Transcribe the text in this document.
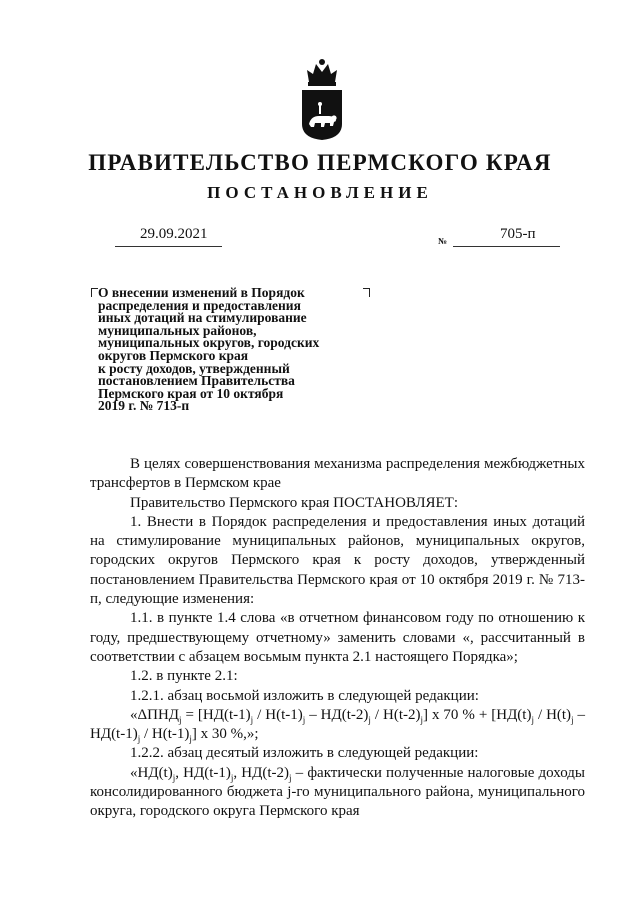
ПРАВИТЕЛЬСТВО ПЕРМСКОГО КРАЯ
ПОСТАНОВЛЕНИЕ
29.09.2021	№	705-п
О внесении изменений в Порядок
распределения и предоставления
иных дотаций на стимулирование
муниципальных районов,
муниципальных округов, городских
округов Пермского края
к росту доходов, утвержденный
постановлением Правительства
Пермского края от 10 октября
2019 г. № 713-п

В целях совершенствования механизма распределения межбюджетных трансфертов в Пермском крае

Правительство Пермского края ПОСТАНОВЛЯЕТ:

1. Внести в Порядок распределения и предоставления иных дотаций на стимулирование муниципальных районов, муниципальных округов, городских округов Пермского края к росту доходов, утвержденный постановлением Правительства Пермского края от 10 октября 2019 г. № 713-п, следующие изменения:

1.1. в пункте 1.4 слова «в отчетном финансовом году по отношению к году, предшествующему отчетному» заменить словами «, рассчитанный в соответствии с абзацем восьмым пункта 2.1 настоящего Порядка»;

1.2. в пункте 2.1:

1.2.1. абзац восьмой изложить в следующей редакции:

«$\Delta ПНД_j = [НД(t-1)_j / Н(t-1)_j - НД(t-2)_j / Н(t-2)_j]$ x 70 % + $[НД(t)_j / Н(t)_j - НД(t-1)_j / Н(t-1)_j]$ x 30 %,»;

1.2.2. абзац десятый изложить в следующей редакции:

«$НД(t)_j$, $НД(t-1)_j$, $НД(t-2)_j$ – фактически полученные налоговые доходы консолидированного бюджета j-го муниципального района, муниципального округа, городского округа Пермского края
